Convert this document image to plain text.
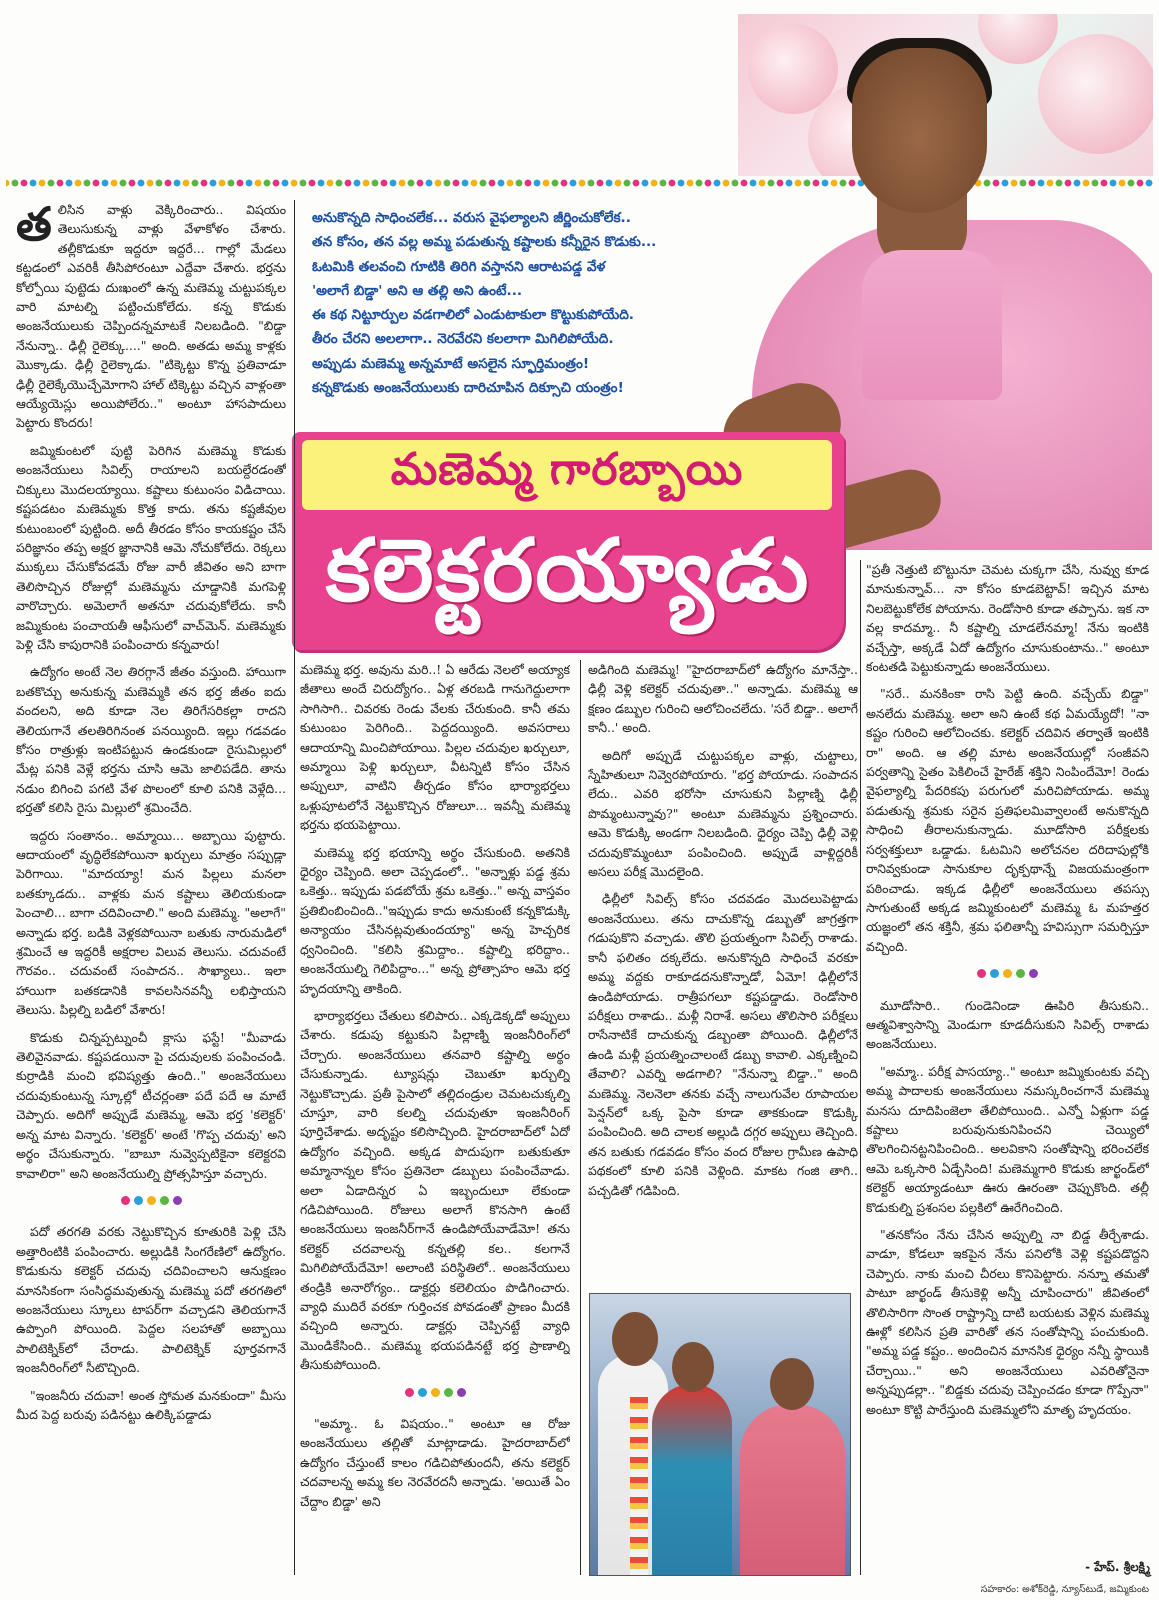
అనుకొన్నది సాధించలేక... వరుస వైఫల్యాలని జీర్ణించుకోలేక..

తన కోసం, తన వల్ల అమ్మ పడుతున్న కష్టాలకు కన్నీరైన కొడుకు...

ఓటమికి తలవంచి గూటికి తిరిగి వస్తానని ఆరాటపడ్డ వేళ

'అలాగే బిడ్డా' అని ఆ తల్లి అని ఉంటే...

ఈ కథ నిట్టూర్పుల వడగాలిలో ఎండుటాకులా కొట్టుకుపోయేది.

తీరం చేరని అలలాగా.. నెరవేరని కలలాగా మిగిలిపోయేది.

అప్పుడు మణెమ్మ అన్నమాటే అసలైన స్ఫూర్తిమంత్రం!

కన్నకొడుకు అంజనేయులుకు దారిచూపిన దిక్సూచి యంత్రం!

మణెమ్మ గారబ్బాయి
కలెక్టరయ్యాడు

తలిసిన వాళ్లు వెక్కిరించారు.. విషయం తెలుసుకున్న వాళ్లు వేళాకోళం చేశారు. తల్లీకొడుకూ ఇద్దరూ ఇద్దరే... గాల్లో మేడలు కట్టడంలో ఎవరికీ తీసిపోరంటూ ఎద్దేవా చేశారు. భర్తను కోల్పోయి పుట్టెడు దుఃఖంలో ఉన్న మణెమ్మ చుట్టుపక్కల వారి మాటల్ని పట్టించుకోలేదు. కన్న కొడుకు అంజనేయులుకు చెప్పిందన్నమాటకే నిలబడింది. "బిడ్డా నేనున్నా.. ఢిల్లీ రైలెక్కు...." అంది. అతడు అమ్మ కాళ్లకు మొక్కాడు. ఢిల్లీ రైలెక్కాడు. "టిక్కెట్టు కొన్న ప్రతివాడూ ఢిల్లీ రైలెక్కేయొచ్చేమోగాని హాల్ టిక్కెట్టు వచ్చిన వాళ్లంతా ఆయ్యేయెస్లు అయిపోలేరు.." అంటూ హాసపాదులు పెట్టారు కొందరు!

జమ్మికుంటలో పుట్టి పెరిగిన మణెమ్మ కొడుకు అంజనేయులు సివిల్స్ రాయాలని బయల్దేరడంతో చిక్కులు మొదలయ్యాయి. కష్టాలు కుటుంసం విడిచాయి. కష్టపడటం మణెమ్మకు కొత్త కాదు. తను కష్టజీవుల కుటుంబంలో పుట్టింది. అదీ తీరడం కోసం కాయకష్టం చేసే పరిజ్ఞానం తప్ప అక్షర జ్ఞానానికి ఆమె నోచుకోలేదు. రెక్కలు ముక్కలు చేసుకోవడమే రోజు వారీ జీవితం అని బాగా తెలిసొచ్చిన రోజుల్లో మణెమ్మను చూడ్డానికి మగపెళ్లి వారొచ్చారు. అమెలాగే అతనూ చదువుకోలేదు. కానీ జమ్మికుంట పంచాయతీ ఆఫీసులో వాచ్‌మెన్. మణెమ్మకు పెళ్లి చేసి కాపురానికి పంపించారు కన్నవారు!

ఉద్యోగం అంటే నెల తిరగ్గానే జీతం వస్తుంది. హాయిగా బతకొచ్చు అనుకున్న మణెమ్మకి తన భర్త జీతం ఐదు వందలని, అది కూడా నెల తిరిగేసరికల్లా రాదని తెలియగానే తలతిరిగినంత పనయ్యింది. ఇల్లు గడవడం కోసం రాత్రుళ్లు ఇంటిపట్టున ఉండకుండా రైసుమిల్లులో మేట్ల పనికి వెళ్లే భర్తను చూసి ఆమె జాలిపడేది. తాను నడుం బిగించి పగటి వేళ పొలంలో కూలి పనికి వెళ్లేది... భర్తతో కలిసి రైసు మిల్లులో శ్రమించేది.

ఇద్దరు సంతానం.. అమ్మాయి... అబ్బాయి పుట్టారు. ఆదాయంలో వృద్ధిలేకపోయినా ఖర్చులు మాత్రం సప్పుడ్లా పెరిగాయి. "మాదయ్యా! మన పిల్లలు మనలా బతక్కూడదు.. వాళ్లకు మన కష్టాలు తెలియకుండా పెంచాలి... బాగా చదివించాలి." అంది మణెమ్మ. "అలాగే" అన్నాడు భర్త. బడికి వెళ్లకపోయినా బతుకు నారుమడిలో శ్రమించే ఆ ఇద్దరికీ అక్షరాల విలువ తెలుసు. చదువంటే గౌరవం.. చదువంటే సంపాదన.. సౌఖ్యాలు.. ఇలా హాయిగా బతకడానికి కావలసినవన్నీ లభిస్తాయని తెలుసు. పిల్లల్ని బడిలో వేశారు!

కొడుకు చిన్నప్పట్నుంచీ క్లాసు ఫస్టే! "మీవాడు తెలివైనవాడు. కష్టపడయినా పై చదువులకు పంపించండి. కుర్రాడికి మంచి భవిష్యత్తు ఉంది.." అంజనేయులు చదువుకుంటున్న స్కూల్లో టీచర్లంతా పదే పదే ఆ మాటే చెప్పారు. అదిగో అప్పుడే మణెమ్మ, ఆమె భర్త 'కలెక్టర్' అన్న మాట విన్నారు. 'కలెక్టర్' అంటే 'గొప్ప చదువు' అని అర్థం చేసుకున్నారు. "బాబూ నువ్వెప్పటికైనా కలెక్టరవి కావాలిరా" అని అంజనేయుల్ని ప్రోత్సహిస్తూ వచ్చారు.

పదో తరగతి వరకు నెట్టుకొచ్చిన కూతురికి పెళ్లి చేసి అత్తారింటికి పంపించారు. అల్లుడికి సింగరేణిలో ఉద్యోగం. కొడుకును కలెక్టర్ చదువు చదివించాలని ఆనుక్షణం మానసికంగా సంసిద్ధమవుతున్న మణెమ్మ పదో తరగతిలో అంజనేయులు స్కూలు టాపర్‌గా వచ్చాడని తెలియగానే ఉప్పొంగి పోయింది. పెద్దల సలహాతో అబ్బాయి పాలిటెక్నిక్‌లో చేరాడు. పాలిటెక్నిక్ పూర్తవగానే ఇంజనీరింగ్‌లో సీటొచ్చింది.

"ఇంజనీరు చదువా! అంత స్తోమత మనకుందా" మీసు మీద పెద్ద బరువు పడినట్టు ఉలిక్కిపడ్డాడు

మణెమ్మ భర్త. అవును మరి..! ఏ ఆరేడు నెలలో అయ్యాక జీతాలు అందే చిరుద్యోగం.. ఏళ్ల తరబడి గానుగెద్దులాగా సాగిసాగి.. చివరకు రెండు వేలకు చేరుకుంది. కానీ తమ కుటుంబం పెరిగింది.. పెద్దదయ్యింది. అవసరాలు ఆదాయాన్ని మించిపోయాయి. పిల్లల చదువుల ఖర్చులూ, అమ్మాయి పెళ్లి ఖర్చులూ, వీటన్నిటి కోసం చేసిన అప్పులూ, వాటిని తీర్చడం కోసం భార్యాభర్తలు ఒళ్లుపూటలోనే నెట్టుకొచ్చిన రోజులూ... ఇవన్నీ మణెమ్మ భర్తను భయపెట్టాయి.

మణెమ్మ భర్త భయాన్ని అర్థం చేసుకుంది. అతనికి ధైర్యం చెప్పింది. అలా చెప్పడంలో.. "అన్నాళ్లు పడ్డ శ్రమ ఒకెత్తు.. ఇప్పుడు పడబోయే శ్రమ ఒకెత్తు.." అన్న వాస్తవం ప్రతిబింబించింది.."ఇప్పుడు కాదు అనుకుంటే కన్నకొడుక్కి అన్యాయం చేసినట్లవుతుందయ్యా" అన్న హెచ్చరిక ధ్వనించింది. "కలిసి శ్రమిద్దాం.. కష్టాల్ని భరిద్దాం.. అంజనేయుల్ని గెలిపిద్దాం..." అన్న ప్రోత్సాహం ఆమె భర్త హృదయాన్ని తాకింది.

భార్యాభర్తలు చేతులు కలిపారు.. ఎక్కడెక్కడో అప్పులు చేశారు. కడుపు కట్టుకుని పిల్లాణ్ని ఇంజనీరింగ్‌లో చేర్చారు. అంజనేయులు తనవారి కష్టాల్ని అర్థం చేసుకున్నాడు. ట్యూషన్లు చెబుతూ ఖర్చుల్ని నెట్టుకొచ్చాడు. ప్రతీ పైసాలో తల్లిదండ్రుల చెమటచుక్కల్ని చూస్తూ, వారి కలల్ని చదువుతూ ఇంజనీరింగ్ పూర్తిచేశాడు. అదృష్టం కలిసొచ్చింది. హైదరాబాద్‌లో ఏదో ఉద్యోగం వచ్చింది. అక్కడ పొదుపుగా బతుకుతూ అమ్మానాన్నల కోసం ప్రతినెలా డబ్బులు పంపించేవాడు. అలా ఏడాదిన్నర ఏ ఇబ్బందులూ లేకుండా గడిచిపోయింది. రోజులు అలాగే కొనసాగి ఉంటే అంజనేయులు ఇంజనీర్‌గానే ఉండిపోయేవాడేమో! తను కలెక్టర్ చదవాలన్న కన్నతల్లి కల.. కలగానే మిగిలిపోయేదేమో! అలాంటి పరిస్థితిలో.. అంజనేయులు తండ్రికి అనారోగ్యం.. డాక్టర్లు కలెలియం పొడిగించారు. వ్యాధి ముదిరే వరకూ గుర్తించక పోవడంతో ప్రాణం మీదకి వచ్చింది అన్నారు. డాక్టర్లు చెప్పినట్టే వ్యాధి మొండికేసింది.. మణెమ్మ భయపడినట్టే భర్త ప్రాణాల్ని తీసుకుపోయింది.

"అమ్మా.. ఓ విషయం.." అంటూ ఆ రోజు అంజనేయులు తల్లితో మాట్లాడాడు. హైదరాబాద్‌లో ఉద్యోగం చేస్తుంటే కాలం గడిచిపోతుందనీ, తను కలెక్టర్ చదవాలన్న అమ్మ కల నెరవేరదనీ అన్నాడు. 'అయితే ఏం చేద్దాం బిడ్డా' అని

అడిగింది మణెమ్మ! "హైదరాబాద్‌లో ఉద్యోగం మానేస్తా.. ఢిల్లీ వెళ్లి కలెక్టర్ చదువుతా.." అన్నాడు. మణెమ్మ ఆ క్షణం డబ్బుల గురించి ఆలోచించలేదు. 'సరే బిడ్డా.. అలాగే కానీ..' అంది.

అదిగో అప్పుడే చుట్టుపక్కల వాళ్లు, చుట్టాలు, స్నేహితులూ నివ్వెరపోయారు. "భర్త పోయాడు. సంపాదన లేదు.. ఎవరి భరోసా చూసుకుని పిల్లాణ్ని ఢిల్లీ పొమ్మంటున్నావు?" అంటూ మణెమ్మను ప్రశ్నించారు. ఆమె కొడుక్కి అండగా నిలబడింది. ధైర్యం చెప్పి ఢిల్లీ వెళ్లి చదువుకొమ్మంటూ పంపించింది. అప్పుడే వాళ్లిద్దరికీ అసలు పరీక్ష మొదలైంది.

ఢిల్లీలో సివిల్స్ కోసం చదవడం మొదలుపెట్టాడు అంజనేయులు. తను దాచుకొన్న డబ్బుతో జాగ్రత్తగా గడుపుకొని వచ్చాడు. తొలి ప్రయత్నంగా సివిల్స్ రాశాడు. కానీ ఫలితం దక్కలేదు. అనుకొన్నది సాధించే వరకూ అమ్మ వద్దకు రాకూడదనుకొన్నాడో, ఏమో! ఢిల్లీలోనే ఉండిపోయాడు. రాత్రీపగలూ కష్టపడ్డాడు. రెండోసారి పరీక్షలు రాశాడు.. మళ్లీ నిరాశే. అసలు తొలిసారి పరీక్షలు రాసేనాటికే దాచుకున్న డబ్బంతా పోయింది. ఢిల్లీలోనే ఉండి మళ్లీ ప్రయత్నించాలంటే డబ్బు కావాలి. ఎక్కణ్నించి తేవాలి? ఎవర్ని అడగాలి? "నేనున్నా బిడ్డా.." అంది మణెమ్మ. నెలనెలా తనకు వచ్చే నాలుగువేల రూపాయల పెన్షన్‌లో ఒక్క పైసా కూడా తాకకుండా కొడుక్కి పంపించింది. అది చాలక అల్లుడి దగ్గర అప్పులు తెచ్చింది. తన బతుకు గడవడం కోసం వంద రోజుల గ్రామీణ ఉపాధి పథకంలో కూలి పనికి వెళ్లింది. మాకట గంజి తాగి.. పచ్చడితో గడిపింది.

"ప్రతీ నెత్తుటి బొట్టునూ చెమట చుక్కగా చేసి, నువ్వు కూడ మానుకున్నావ్... నా కోసం కూడబెట్టావ్! ఇచ్చిన మాట నిలబెట్టుకోలేక పోయాను. రెండోసారి కూడా తప్పాను. ఇక నా వల్ల కాదమ్మా.. నీ కష్టాల్ని చూడలేనమ్మా! నేను ఇంటికి వచ్చేస్తా, అక్కడే ఏదో ఉద్యోగం చూసుకుంటాను.." అంటూ కంటతడి పెట్టుకున్నాడు అంజనేయులు.

"సరే.. మనకింకా రాసి పెట్టి ఉంది. వచ్చేయ్ బిడ్డా" అనలేదు మణెమ్మ. అలా అని ఉంటే కథ ఏమయ్యేదో! "నా కష్టం గురించి ఆలోచించకు. కలెక్టర్ చదివిన తర్వాతే ఇంటికి రా" అంది. ఆ తల్లి మాట అంజనేయుల్లో సంజీవని పర్వతాన్ని సైతం పెకిలించే హైరేజ్ శక్తిని నింపిందేమో! రెండు వైఫల్యాల్ని పేదరికపు పరుగులో మరిచిపోయాడు. అమ్మ పడుతున్న శ్రమకు సరైన ప్రతిఫలమివ్వాలంటే అనుకొన్నది సాధించి తీరాలనుకున్నాడు. మూడోసారి పరీక్షలకు సర్వశక్తులూ ఒడ్డాడు. ఓటమిని అలోచనల దరిదాపుల్లోకి రానివ్వకుండా సానుకూల దృక్పథాన్నే విజయమంత్రంగా పఠించాడు. ఇక్కడ ఢిల్లీలో అంజనేయులు తపస్సు సాగుతుంటే అక్కడ జమ్మికుంటలో మణెమ్మ ఓ మహత్తర యజ్ఞంలో తన శక్తినీ, శ్రమ ఫలితాన్నీ హవిస్సుగా సమర్పిస్తూ వచ్చింది.

మూడోసారి.. గుండెనిండా ఊపిరి తీసుకుని.. ఆత్మవిశ్వాసాన్ని మెండుగా కూడదీసుకుని సివిల్స్ రాశాడు అంజనేయులు.

"అమ్మా.. పరీక్ష పాసయ్యా.." అంటూ జమ్మికుంటకు వచ్చి అమ్మ పాదాలకు అంజనేయులు నమస్కరించగానే మణెమ్మ మనసు దూదిపింజెలా తేలిపోయింది.. ఎన్నో ఏళ్లుగా పడ్డ కష్టాలు బరువునుకునిపించని చెయ్యిలో తొలగించినట్టనిపించింది.. అలవికాని సంతోషాన్ని భరించలేక ఆమె ఒక్కసారి ఏడ్చేసింది! మణెమ్మగారి కొడుకు జార్ఖండ్‌లో కలెక్టర్ అయ్యాడంటూ ఊరు ఊరంతా చెప్పుకొంది. తల్లీ కొడుకుల్ని ప్రశంసల పల్లకిలో ఊరేగించింది.

"తనకోసం నేను చేసిన అప్పుల్ని నా బిడ్డ తీర్చేశాడు. వాడూ, కోడలూ ఇకపైన నేను పనిలోకి వెళ్లి కష్టపడొద్దని చెప్పారు. నాకు మంచి చీరలు కొనిపెట్టారు. నన్నూ తమతో పాటూ జార్ఖండ్ తీసుకెళ్లి అన్నీ చూపించారు" జీవితంలో తొలిసారిగా సొంత రాష్ట్రాన్ని దాటి బయటకు వెళ్లిన మణెమ్మ ఊళ్లో కలిసిన ప్రతి వారితో తన సంతోషాన్ని పంచుకుంది. "అమ్మ పడ్డ కష్టం.. అందించిన మానసిక ధైర్యం నన్నీ స్థాయికి చేర్చాయి.." అని అంజనేయులు ఎవరితోనైనా అన్నప్పుడల్లా.. "బిడ్డకు చదువు చెప్పించడం కూడా గొప్పేనా" అంటూ కొట్టి పారేస్తుంది మణెమ్మలోని మాతృ హృదయం.

- హేప్. శ్రీలక్ష్మి
సహకారం: అశోక్‌రెడ్డి, న్యూస్‌టుడే, జమ్మికుంట
